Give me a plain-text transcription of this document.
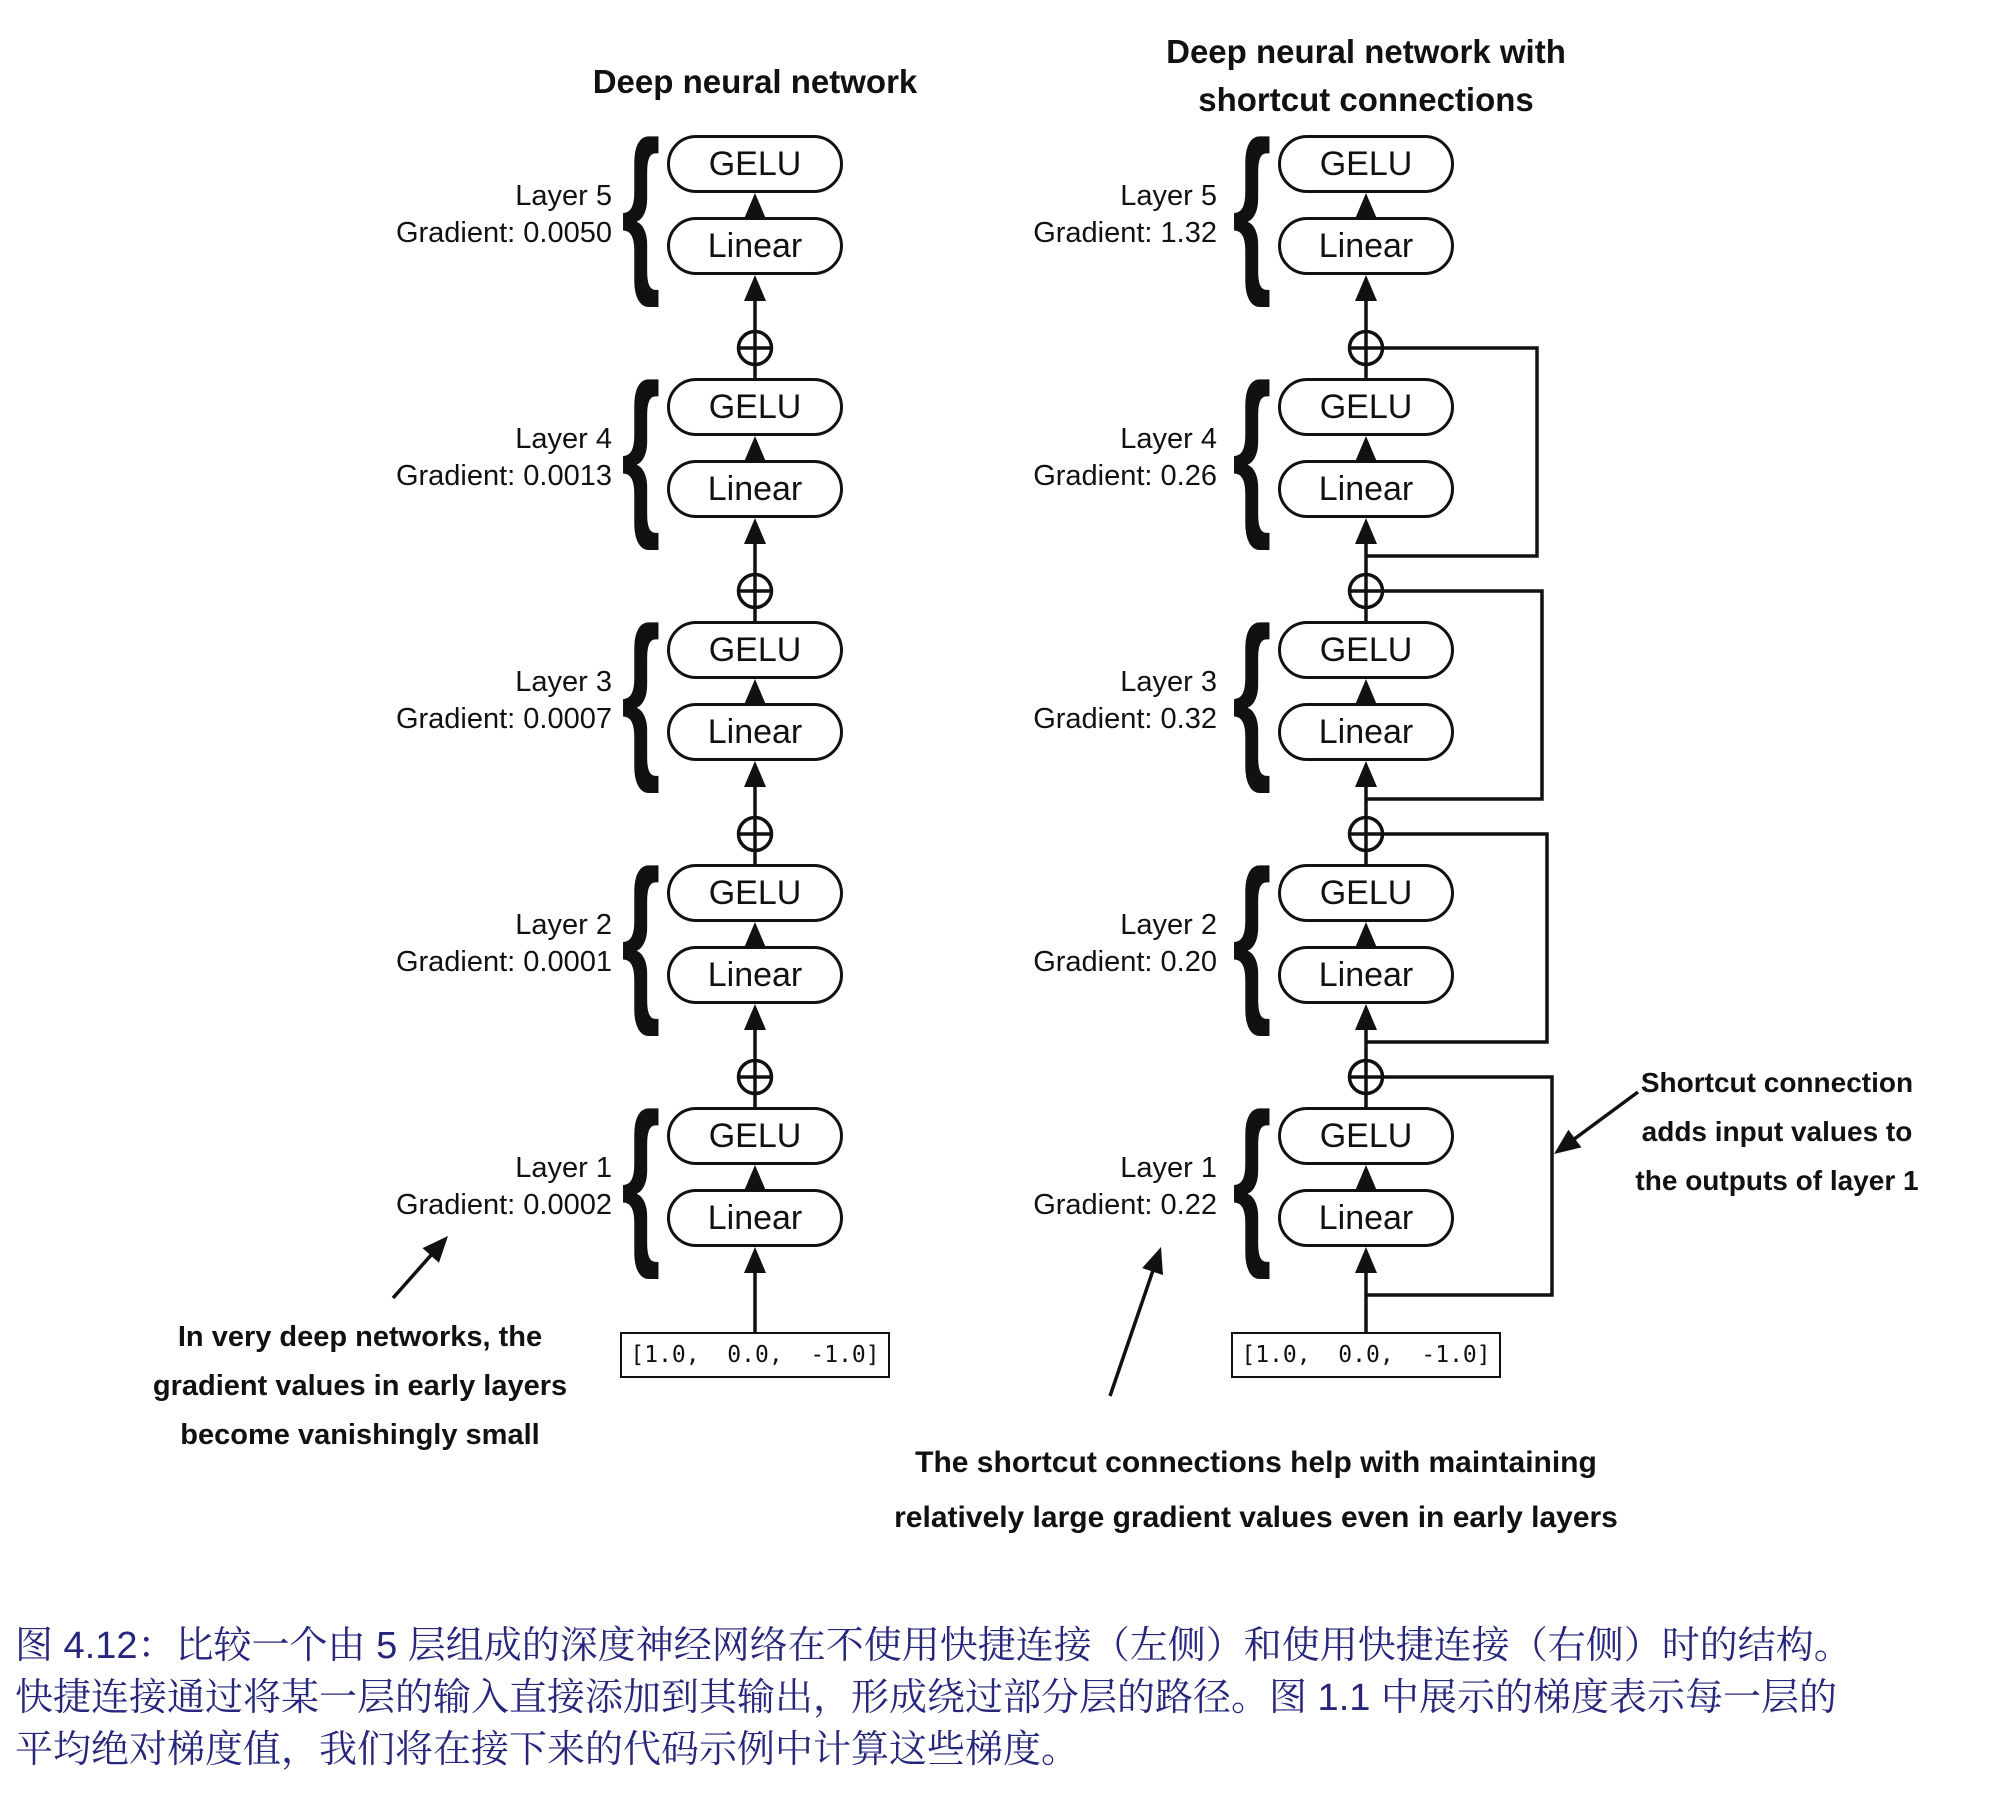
Deep neural network
Deep neural network with
shortcut connections
In very deep networks, the
gradient values in early layers
become vanishingly small
Shortcut connection
adds input values to
the outputs of layer 1
The shortcut connections help with maintaining
relatively large gradient values even in early layers
图 4.12：比较一个由 5 层组成的深度神经网络在不使用快捷连接（左侧）和使用快捷连接（右侧）时的结构。
快捷连接通过将某一层的输入直接添加到其输出，形成绕过部分层的路径。图 1.1 中展示的梯度表示每一层的
平均绝对梯度值，我们将在接下来的代码示例中计算这些梯度。
GELU
Linear
Layer 5
Gradient: 0.0050 {
GELU
Linear
Layer 4
Gradient: 0.0013 {
GELU
Linear
Layer 3
Gradient: 0.0007 {
GELU
Linear
Layer 2
Gradient: 0.0001 {
GELU
Linear
Layer 1
Gradient: 0.0002 {
[1.0,  0.0,  -1.0]
GELU
Linear
Layer 5
Gradient: 1.32 {
GELU
Linear
Layer 4
Gradient: 0.26 {
GELU
Linear
Layer 3
Gradient: 0.32 {
GELU
Linear
Layer 2
Gradient: 0.20 {
GELU
Linear
Layer 1
Gradient: 0.22 {
[1.0,  0.0,  -1.0]
